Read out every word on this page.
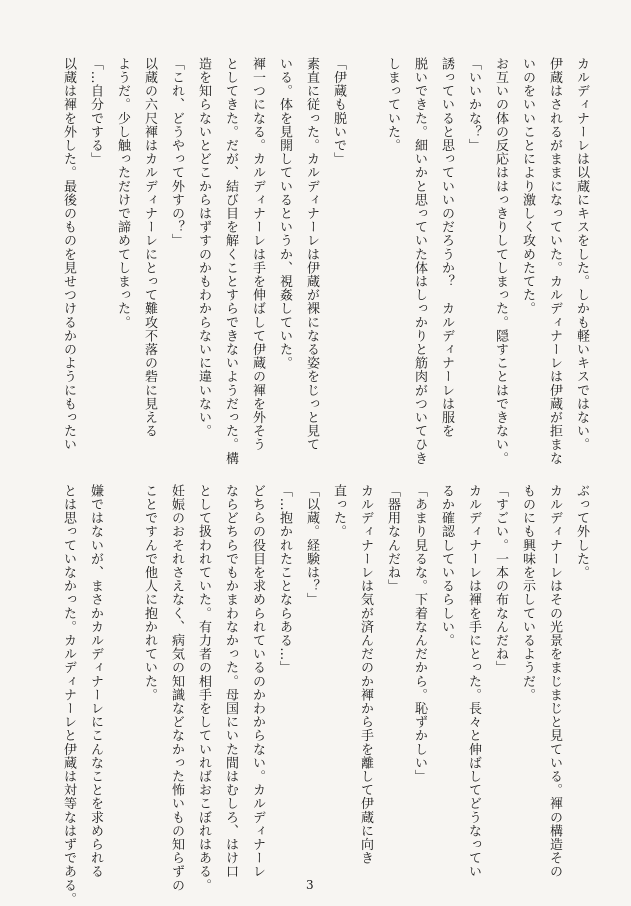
カルディナーレは以蔵にキスをした。しかも軽いキスではない。
伊蔵はされるがままになっていた。カルディナーレは伊蔵が拒まな
いのをいいことにより激しく攻めたてた。
お互いの体の反応ははっきりしてしまった。隠すことはできない。
「いいかな？」
誘っていると思っていいのだろうか？　カルディナーレは服を
脱いできた。細いかと思っていた体はしっかりと筋肉がついてひき
しまっていた。
「伊蔵も脱いで」
素直に従った。カルディナーレは伊蔵が裸になる姿をじっと見て
いる。体を見開しているというか、視姦していた。
褌一つになる。カルディナーレは手を伸ばして伊蔵の褌を外そう
としてきた。だが、結び目を解くことすらできないようだった。構
造を知らないとどこからはずすのかもわからないに違いない。
「これ、どうやって外すの？」
以蔵の六尺褌はカルディナーレにとって難攻不落の砦に見える
ようだ。少し触っただけで諦めてしまった。
「…自分でする」
以蔵は褌を外した。最後のものを見せつけるかのようにもったい
ぶって外した。
カルディナーレはその光景をまじまじと見ている。褌の構造その
ものにも興味を示しているようだ。
「すごい。一本の布なんだね」
カルディナーレは褌を手にとった。長々と伸ばしてどうなってい
るか確認しているらしい。
「あまり見るな。下着なんだから。恥ずかしい」
「器用なんだね」
カルディナーレは気が済んだのか褌から手を離して伊蔵に向き
直った。
「以蔵。経験は？」
「…抱かれたことならある…」
どちらの役目を求められているのかわからない。カルディナーレ
ならどちらでもかまわなかった。母国にいた間はむしろ、はけ口
として扱われていた。有力者の相手をしていればおこぼれはある。
妊娠のおそれさえなく、病気の知識などなかった怖いもの知らずの
ことですんで他人に抱かれていた。
嫌ではないが、まさかカルディナーレにこんなことを求められる
とは思っていなかった。カルディナーレと伊蔵は対等なはずである。	3
